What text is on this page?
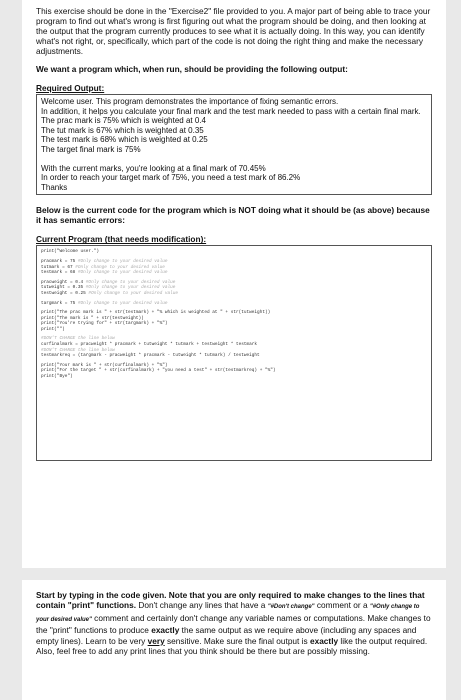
This exercise should be done in the "Exercise2" file provided to you. A major part of being able to trace your program to find out what's wrong is first figuring out what the program should be doing, and then looking at the output that the program currently produces to see what it is actually doing. In this way, you can identify what's not right, or, specifically, which part of the code is not doing the right thing and make the necessary adjustments.

We want a program which, when run, should be providing the following output:

Required Output:
Welcome user. This program demonstrates the importance of fixing semantic errors.
In addition, it helps you calculate your final mark and the test mark needed to pass with a certain final mark.
The prac mark is 75% which is weighted at 0.4
The tut mark is 67% which is weighted at 0.35
The test mark is 68% which is weighted at 0.25
The target final mark is 75%
With the current marks, you're looking at a final mark of 70.45%
In order to reach your target mark of 75%, you need a test mark of 86.2%
Thanks

Below is the current code for the program which is NOT doing what it should be (as above) because it has semantic errors:

Current Program (that needs modification):
print("Welcome user.")
pracmark = 75 #Only change to your desired value
tutmark = 67 #Only change to your desired value
testmark = 68 #Only change to your desired value
pracweight = 0.4 #Only change to your desired value
tutweight = 0.35 #Only change to your desired value
testweight = 0.25 #Only change to your desired value
targmark = 75 #Only change to your desired value
print("The prac mark is " + str(testmark) + "% which is weighted at " + str(tutweight))
print("The mark is " + str(testweight))
print("You're trying for" + str(targmark) + "%")
print("")
#DON'T CHANGE the line below
curfinalmark = pracweight * pracmark + tutweight * tutmark + testweight * testmark
#DON'T CHANGE the line below
testmarkreq = (targmark - pracweight * pracmark - tutweight * tutmark) / testweight
print("Your mark is " + str(curfinalmark) + "%")
print("For the target " + str(curfinalmark) + "you need a test" + str(testmarkreq) + "%")
print("Bye")

Start by typing in the code given. Note that you are only required to make changes to the lines that contain "print" functions. Don't change any lines that have a "#Don't change" comment or a "#Only change to your desired value" comment and certainly don't change any variable names or computations. Make changes to the "print" functions to produce exactly the same output as we require above (including any spaces and empty lines). Learn to be very very sensitive. Make sure the final output is exactly like the output required. Also, feel free to add any print lines that you think should be there but are possibly missing.
